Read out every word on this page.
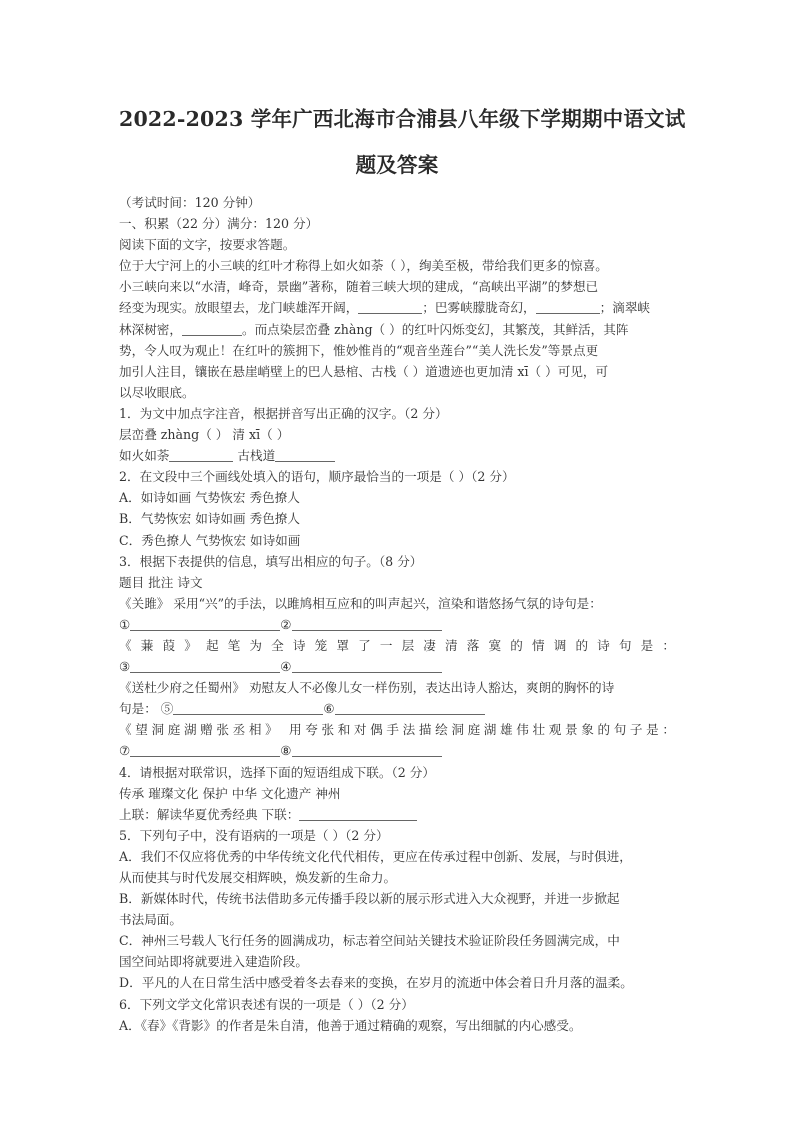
2022-2023 学年广西北海市合浦县八年级下学期期中语文试
题及答案
（考试时间：120 分钟）
一、积累（22 分）满分：120 分）
阅读下面的文字，按要求答题。
位于大宁河上的小三峡的红叶才称得上如火如荼（ ），绚美至极，带给我们更多的惊喜。
小三峡向来以“水清，峰奇，景幽”著称，随着三峡大坝的建成，“高峡出平湖”的梦想已
经变为现实。放眼望去，龙门峡雄浑开阔，	；巴雾峡朦胧奇幻，	；滴翠峡
林深树密，	。而点染层峦叠 zhàng（ ）的红叶闪烁变幻，其繁茂，其鲜活，其阵
势，令人叹为观止！在红叶的簇拥下，惟妙惟肖的“观音坐莲台”“美人洗长发”等景点更
加引人注目，镶嵌在悬崖峭壁上的巴人悬棺、古栈（ ）道遗迹也更加清 xī（ ）可见，可
以尽收眼底。
1．为文中加点字注音，根据拼音写出正确的汉字。（2 分）
层峦叠 zhàng（ ） 清 xī（ ）
如火如荼	古栈道
2．在文段中三个画线处填入的语句，顺序最恰当的一项是（ ）（2 分）
A．如诗如画 气势恢宏 秀色撩人
B．气势恢宏 如诗如画 秀色撩人
C．秀色撩人 气势恢宏 如诗如画
3．根据下表提供的信息，填写出相应的句子。（8 分）
题目 批注 诗文
《关雎》 采用“兴”的手法，以雎鸠相互应和的叫声起兴，渲染和谐悠扬气氛的诗句是：
①	②
《 蒹 葭 》 起 笔 为 全 诗 笼 罩 了 一 层 凄 清 落 寞 的 情 调 的 诗 句 是 ：
③	④
《送杜少府之任蜀州》 劝慰友人不必像儿女一样伤别，表达出诗人豁达，爽朗的胸怀的诗
句是： ⑤	⑥
《望洞庭湖赠张丞相》 用夸张和对偶手法描绘洞庭湖雄伟壮观景象的句子是：
⑦	⑧
4．请根据对联常识，选择下面的短语组成下联。（2 分）
传承 璀璨文化 保护 中华 文化遗产 神州
上联：解读华夏优秀经典 下联：
5．下列句子中，没有语病的一项是（ ）（2 分）
A．我们不仅应将优秀的中华传统文化代代相传，更应在传承过程中创新、发展，与时俱进，
从而使其与时代发展交相辉映，焕发新的生命力。
B．新媒体时代，传统书法借助多元传播手段以新的展示形式进入大众视野，并进一步掀起
书法局面。
C．神州三号载人飞行任务的圆满成功，标志着空间站关键技术验证阶段任务圆满完成，中
国空间站即将就要进入建造阶段。
D．平凡的人在日常生活中感受着冬去春来的变换，在岁月的流逝中体会着日升月落的温柔。
6．下列文学文化常识表述有误的一项是（ ）（2 分）
A．《春》《背影》的作者是朱自清，他善于通过精确的观察，写出细腻的内心感受。
